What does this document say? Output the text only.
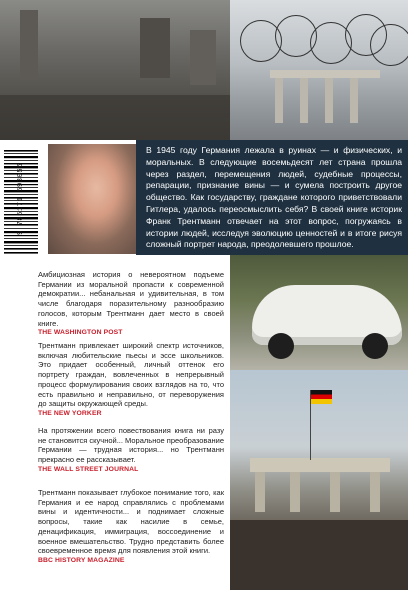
9 785171 593056

В 1945 году Германия лежала в руинах — и физических, и моральных. В следующие восемьдесят лет страна прошла через раздел, перемещения людей, судебные процессы, репарации, признание вины — и сумела построить другое общество. Как государству, граждане которого приветствовали Гитлера, удалось переосмыслить себя? В своей книге историк Франк Трентманн отвечает на этот вопрос, погружаясь в истории людей, исследуя эволюцию ценностей и в итоге рисуя сложный портрет народа, преодолевшего прошлое.

Амбициозная история о невероятном подъеме Германии из моральной пропасти к современной демократии... небанальная и удивительная, в том числе благодаря поразительному разнообразию голосов, которым Трентманн дает место в своей книге.

THE WASHINGTON POST

Трентманн привлекает широкий спектр источников, включая любительские пьесы и эссе школьников. Это придает особенный, личный оттенок его портрету граждан, вовлеченных в непрерывный процесс формулирования своих взглядов на то, что есть правильно и неправильно, от переворужения до защиты окружающей среды.

THE NEW YORKER

На протяжении всего повествования книга ни разу не становится скучной... Моральное преобразование Германии — трудная история... но Трентманн прекрасно ее рассказывает.

THE WALL STREET JOURNAL

Трентманн показывает глубокое понимание того, как Германия и ее народ справлялись с проблемами вины и идентичности... и поднимает сложные вопросы, такие как насилие в семье, денацификация, иммиграция, воссоединение и военное вмешательство. Трудно представить более своевременное время для появления этой книги.

BBC HISTORY MAGAZINE
